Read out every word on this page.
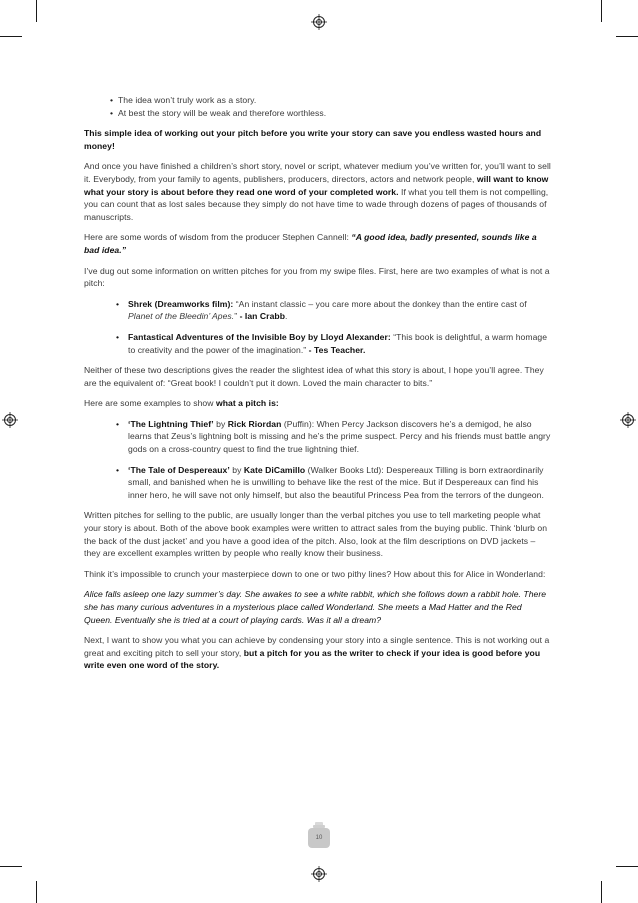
• The idea won’t truly work as a story.
• At best the story will be weak and therefore worthless.

This simple idea of working out your pitch before you write your story can save you endless wasted hours and money!

And once you have finished a children’s short story, novel or script, whatever medium you’ve written for, you’ll want to sell it. Everybody, from your family to agents, publishers, producers, directors, actors and network people, will want to know what your story is about before they read one word of your completed work. If what you tell them is not compelling, you can count that as lost sales because they simply do not have time to wade through dozens of pages of thousands of manuscripts.

Here are some words of wisdom from the producer Stephen Cannell: “A good idea, badly presented, sounds like a bad idea.”

I’ve dug out some information on written pitches for you from my swipe files. First, here are two examples of what is not a pitch:

• Shrek (Dreamworks film): “An instant classic – you care more about the donkey than the entire cast of Planet of the Bleedin’ Apes.” - Ian Crabb.
• Fantastical Adventures of the Invisible Boy by Lloyd Alexander: “This book is delightful, a warm homage to creativity and the power of the imagination.” - Tes Teacher.

Neither of these two descriptions gives the reader the slightest idea of what this story is about, I hope you’ll agree. They are the equivalent of: “Great book! I couldn’t put it down. Loved the main character to bits.”

Here are some examples to show what a pitch is:

• ‘The Lightning Thief’ by Rick Riordan (Puffin): When Percy Jackson discovers he’s a demigod, he also learns that Zeus’s lightning bolt is missing and he’s the prime suspect. Percy and his friends must battle angry gods on a cross-country quest to find the true lightning thief.
• ‘The Tale of Despereaux’ by Kate DiCamillo (Walker Books Ltd): Despereaux Tilling is born extraordinarily small, and banished when he is unwilling to behave like the rest of the mice. But if Despereaux can find his inner hero, he will save not only himself, but also the beautiful Princess Pea from the terrors of the dungeon.

Written pitches for selling to the public, are usually longer than the verbal pitches you use to tell marketing people what your story is about. Both of the above book examples were written to attract sales from the buying public. Think ‘blurb on the back of the dust jacket’ and you have a good idea of the pitch. Also, look at the film descriptions on DVD jackets – they are excellent examples written by people who really know their business.

Think it’s impossible to crunch your masterpiece down to one or two pithy lines? How about this for Alice in Wonderland:

Alice falls asleep one lazy summer’s day. She awakes to see a white rabbit, which she follows down a rabbit hole. There she has many curious adventures in a mysterious place called Wonderland. She meets a Mad Hatter and the Red Queen. Eventually she is tried at a court of playing cards. Was it all a dream?

Next, I want to show you what you can achieve by condensing your story into a single sentence. This is not working out a great and exciting pitch to sell your story, but a pitch for you as the writer to check if your idea is good before you write even one word of the story.

10
